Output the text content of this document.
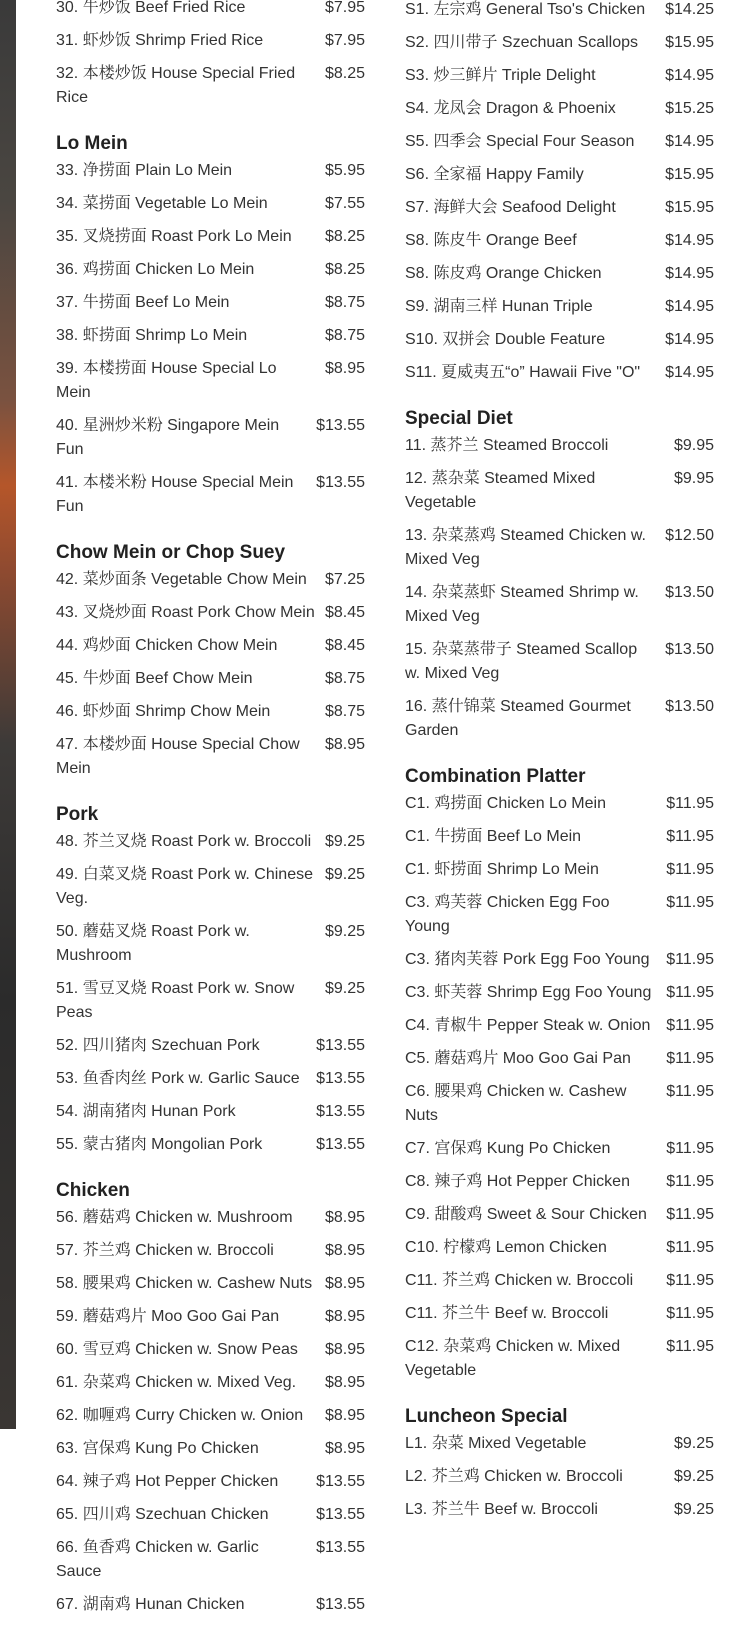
30. 牛炒饭 Beef Fried Rice	$7.95
31. 虾炒饭 Shrimp Fried Rice	$7.95
32. 本楼炒饭 House Special Fried Rice
$8.25
Lo Mein
33. 净捞面 Plain Lo Mein	$5.95
34. 菜捞面 Vegetable Lo Mein	$7.55
35. 叉烧捞面 Roast Pork Lo Mein	$8.25
36. 鸡捞面 Chicken Lo Mein	$8.25
37. 牛捞面 Beef Lo Mein	$8.75
38. 虾捞面 Shrimp Lo Mein	$8.75
39. 本楼捞面 House Special Lo Mein
$8.95
40. 星洲炒米粉 Singapore Mein Fun
$13.55
41. 本楼米粉 House Special Mein Fun
$13.55
Chow Mein or Chop Suey
42. 菜炒面条 Vegetable Chow Mein	$7.25
43. 叉烧炒面 Roast Pork Chow Mein $8.45
44. 鸡炒面 Chicken Chow Mein	$8.45
45. 牛炒面 Beef Chow Mein	$8.75
46. 虾炒面 Shrimp Chow Mein	$8.75
47. 本楼炒面 House Special Chow Mein
$8.95
Pork
48. 芥兰叉烧 Roast Pork w. Broccoli $9.25
49. 白菜叉烧 Roast Pork w. Chinese Veg.
$9.25
50. 蘑菇叉烧 Roast Pork w. Mushroom
$9.25
51. 雪豆叉烧 Roast Pork w. Snow Peas
$9.25
52. 四川猪肉 Szechuan Pork	$13.55
53. 鱼香肉丝 Pork w. Garlic Sauce	$13.55
54. 湖南猪肉 Hunan Pork	$13.55
55. 蒙古猪肉 Mongolian Pork	$13.55
Chicken
56. 蘑菇鸡 Chicken w. Mushroom	$8.95
57. 芥兰鸡 Chicken w. Broccoli	$8.95
58. 腰果鸡 Chicken w. Cashew Nuts $8.95
59. 蘑菇鸡片 Moo Goo Gai Pan	$8.95
60. 雪豆鸡 Chicken w. Snow Peas	$8.95
61. 杂菜鸡 Chicken w. Mixed Veg.	$8.95
62. 咖喱鸡 Curry Chicken w. Onion	$8.95
63. 宫保鸡 Kung Po Chicken	$8.95
64. 辣子鸡 Hot Pepper Chicken	$13.55
65. 四川鸡 Szechuan Chicken	$13.55
66. 鱼香鸡 Chicken w. Garlic Sauce
$13.55
67. 湖南鸡 Hunan Chicken	$13.55
S1. 左宗鸡 General Tso's Chicken	$14.25
S2. 四川带子 Szechuan Scallops	$15.95
S3. 炒三鲜片 Triple Delight	$14.95
S4. 龙凤会 Dragon & Phoenix	$15.25
S5. 四季会 Special Four Season	$14.95
S6. 全家福 Happy Family	$15.95
S7. 海鲜大会 Seafood Delight	$15.95
S8. 陈皮牛 Orange Beef	$14.95
S8. 陈皮鸡 Orange Chicken	$14.95
S9. 湖南三样 Hunan Triple	$14.95
S10. 双拼会 Double Feature	$14.95
S11. 夏威夷五“o” Hawaii Five "O"	$14.95
Special Diet
11. 蒸芥兰 Steamed Broccoli	$9.95
12. 蒸杂菜 Steamed Mixed Vegetable
$9.95
13. 杂菜蒸鸡 Steamed Chicken w. Mixed Veg
$12.50
14. 杂菜蒸虾 Steamed Shrimp w. Mixed Veg
$13.50
15. 杂菜蒸带子 Steamed Scallop w. Mixed Veg
$13.50
16. 蒸什锦菜 Steamed Gourmet Garden
$13.50
Combination Platter
C1. 鸡捞面 Chicken Lo Mein	$11.95
C1. 牛捞面 Beef Lo Mein	$11.95
C1. 虾捞面 Shrimp Lo Mein	$11.95
C3. 鸡芙蓉 Chicken Egg Foo Young
$11.95
C3. 猪肉芙蓉 Pork Egg Foo Young	$11.95
C3. 虾芙蓉 Shrimp Egg Foo Young $11.95
C4. 青椒牛 Pepper Steak w. Onion $11.95
C5. 蘑菇鸡片 Moo Goo Gai Pan	$11.95
C6. 腰果鸡 Chicken w. Cashew Nuts
$11.95
C7. 宫保鸡 Kung Po Chicken	$11.95
C8. 辣子鸡 Hot Pepper Chicken	$11.95
C9. 甜酸鸡 Sweet & Sour Chicken	$11.95
C10. 柠檬鸡 Lemon Chicken	$11.95
C11. 芥兰鸡 Chicken w. Broccoli	$11.95
C11. 芥兰牛 Beef w. Broccoli	$11.95
C12. 杂菜鸡 Chicken w. Mixed Vegetable
$11.95
Luncheon Special
L1. 杂菜 Mixed Vegetable	$9.25
L2. 芥兰鸡 Chicken w. Broccoli	$9.25
L3. 芥兰牛 Beef w. Broccoli	$9.25
